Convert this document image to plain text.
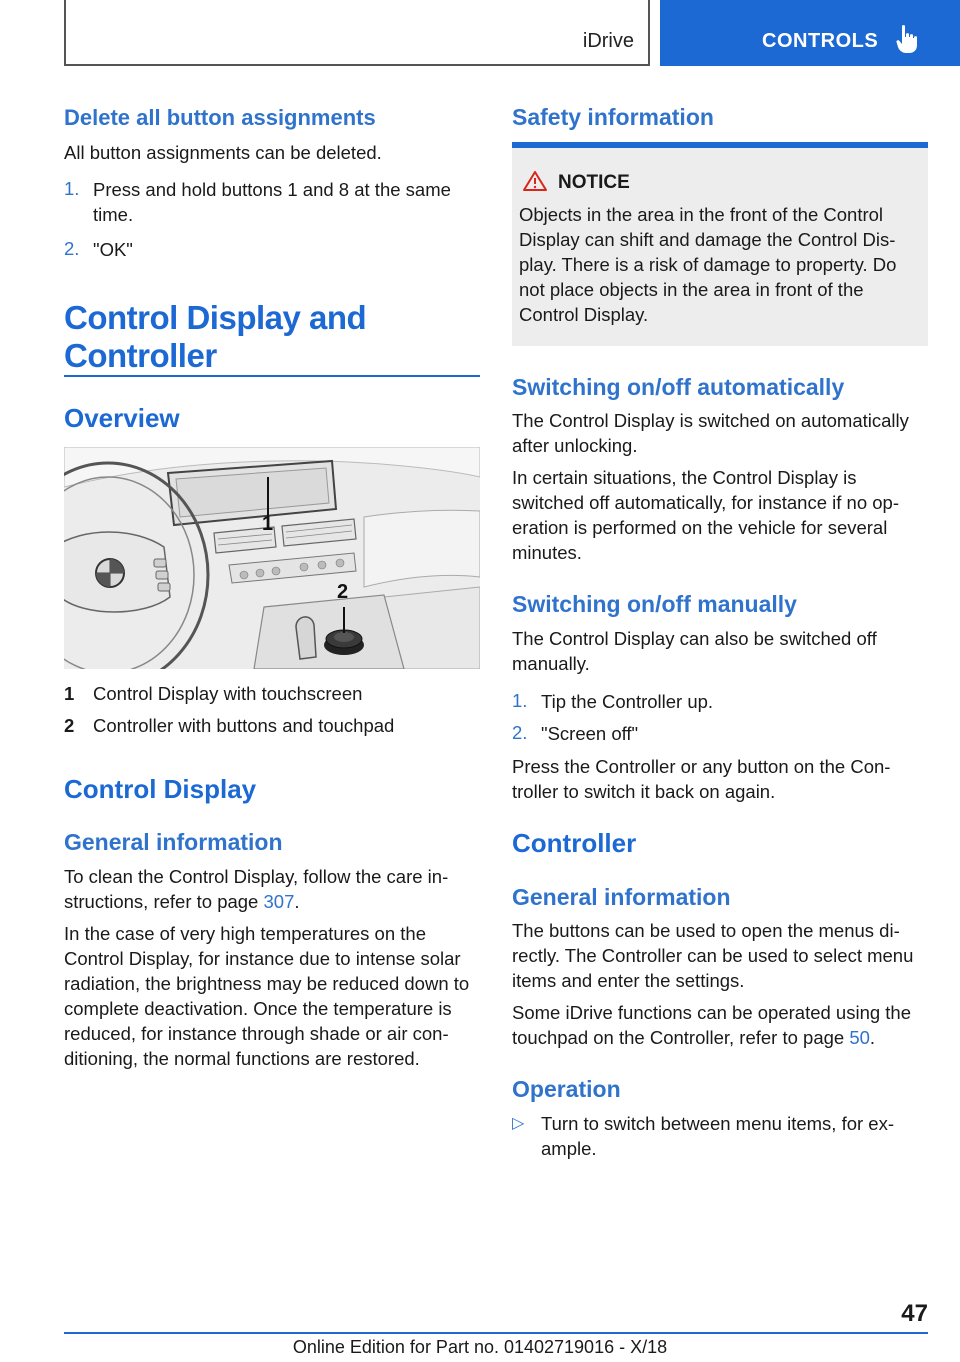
iDrive	CONTROLS
Delete all button assignments
All button assignments can be deleted.
1. Press and hold buttons 1 and 8 at the same time.
2. "OK"
Control Display and Controller
Overview
1
2
1 Control Display with touchscreen
2 Controller with buttons and touchpad
Control Display
General information
To clean the Control Display, follow the care instructions, refer to page 307.
In the case of very high temperatures on the Control Display, for instance due to intense solar radiation, the brightness may be reduced down to complete deactivation. Once the temperature is reduced, for instance through shade or air conditioning, the normal functions are restored.
Safety information
NOTICE
Objects in the area in the front of the Control Display can shift and damage the Control Display. There is a risk of damage to property. Do not place objects in the area in front of the Control Display.
Switching on/off automatically
The Control Display is switched on automatically after unlocking.
In certain situations, the Control Display is switched off automatically, for instance if no operation is performed on the vehicle for several minutes.
Switching on/off manually
The Control Display can also be switched off manually.
1. Tip the Controller up.
2. "Screen off"
Press the Controller or any button on the Controller to switch it back on again.
Controller
General information
The buttons can be used to open the menus directly. The Controller can be used to select menu items and enter the settings.
Some iDrive functions can be operated using the touchpad on the Controller, refer to page 50.
Operation
▷ Turn to switch between menu items, for example.
47
Online Edition for Part no. 01402719016 - X/18
